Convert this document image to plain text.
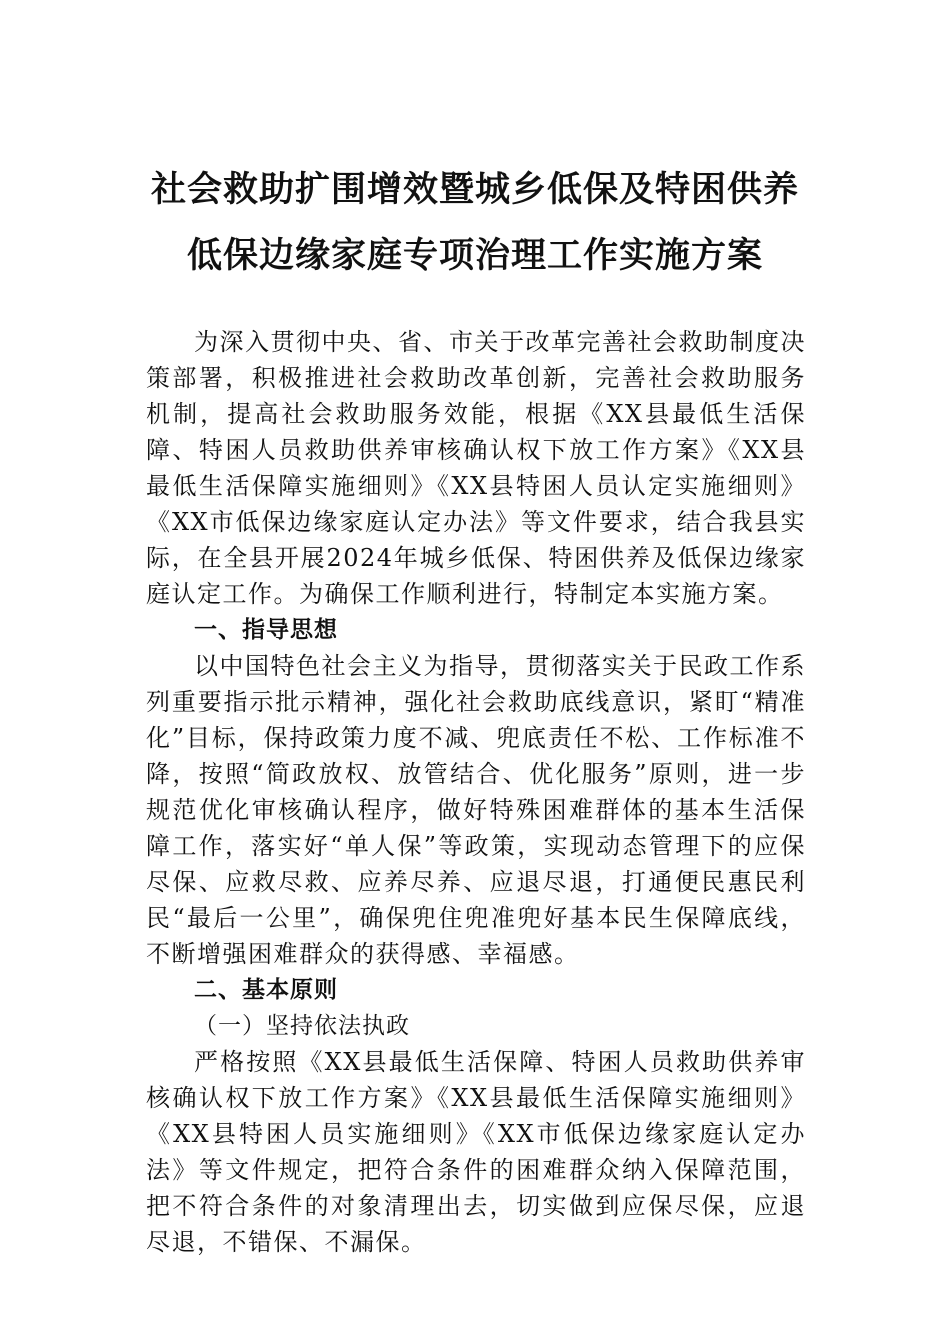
社会救助扩围增效暨城乡低保及特困供养
低保边缘家庭专项治理工作实施方案

为深入贯彻中央、省、市关于改革完善社会救助制度决策部署，积极推进社会救助改革创新，完善社会救助服务机制，提高社会救助服务效能，根据《XX县最低生活保障、特困人员救助供养审核确认权下放工作方案》《XX县最低生活保障实施细则》《XX县特困人员认定实施细则》《XX市低保边缘家庭认定办法》等文件要求，结合我县实际，在全县开展2024年城乡低保、特困供养及低保边缘家庭认定工作。为确保工作顺利进行，特制定本实施方案。

一、指导思想

以中国特色社会主义为指导，贯彻落实关于民政工作系列重要指示批示精神，强化社会救助底线意识，紧盯“精准化”目标，保持政策力度不减、兜底责任不松、工作标准不降，按照“简政放权、放管结合、优化服务”原则，进一步规范优化审核确认程序，做好特殊困难群体的基本生活保障工作，落实好“单人保”等政策，实现动态管理下的应保尽保、应救尽救、应养尽养、应退尽退，打通便民惠民利民“最后一公里”，确保兜住兜准兜好基本民生保障底线，不断增强困难群众的获得感、幸福感。

二、基本原则

（一）坚持依法执政

严格按照《XX县最低生活保障、特困人员救助供养审核确认权下放工作方案》《XX县最低生活保障实施细则》《XX县特困人员实施细则》《XX市低保边缘家庭认定办法》等文件规定，把符合条件的困难群众纳入保障范围，把不符合条件的对象清理出去，切实做到应保尽保，应退尽退，不错保、不漏保。
